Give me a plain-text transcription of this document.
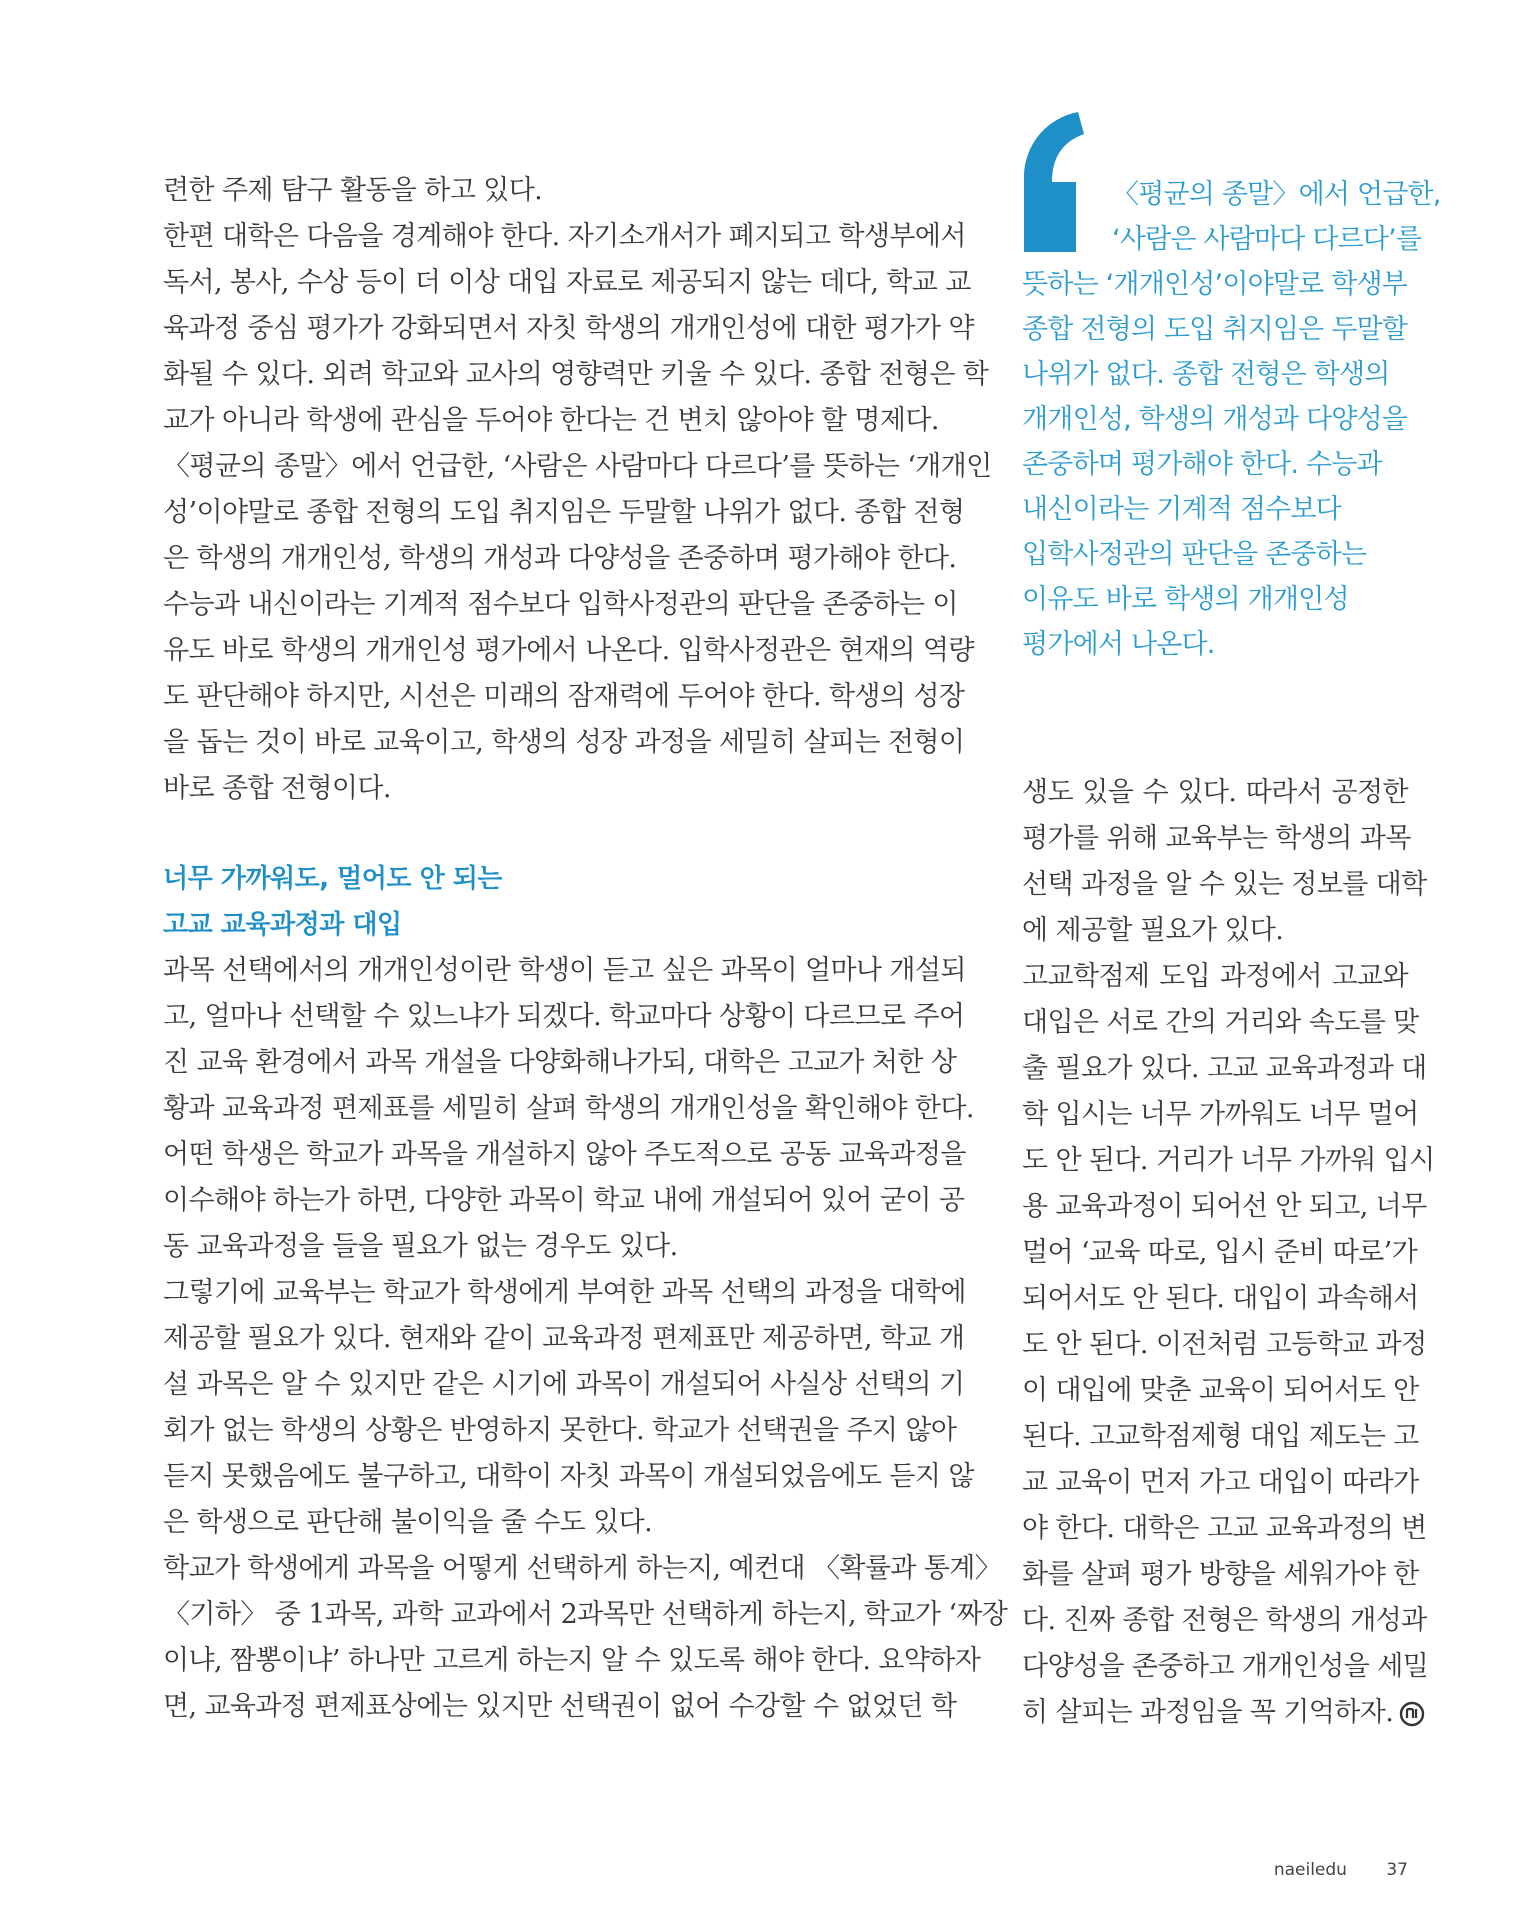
〈평균의 종말〉에서 언급한,
‘사람은 사람마다 다르다’를
뜻하는 ‘개개인성’이야말로 학생부
종합 전형의 도입 취지임은 두말할
나위가 없다. 종합 전형은 학생의
개개인성, 학생의 개성과 다양성을
존중하며 평가해야 한다. 수능과
내신이라는 기계적 점수보다
입학사정관의 판단을 존중하는
이유도 바로 학생의 개개인성
평가에서 나온다.
련한 주제 탐구 활동을 하고 있다.
한편 대학은 다음을 경계해야 한다. 자기소개서가 폐지되고 학생부에서
독서, 봉사, 수상 등이 더 이상 대입 자료로 제공되지 않는 데다, 학교 교
육과정 중심 평가가 강화되면서 자칫 학생의 개개인성에 대한 평가가 약
화될 수 있다. 외려 학교와 교사의 영향력만 키울 수 있다. 종합 전형은 학
교가 아니라 학생에 관심을 두어야 한다는 건 변치 않아야 할 명제다.
〈평균의 종말〉에서 언급한, ‘사람은 사람마다 다르다’를 뜻하는 ‘개개인
성’이야말로 종합 전형의 도입 취지임은 두말할 나위가 없다. 종합 전형
은 학생의 개개인성, 학생의 개성과 다양성을 존중하며 평가해야 한다.
수능과 내신이라는 기계적 점수보다 입학사정관의 판단을 존중하는 이
유도 바로 학생의 개개인성 평가에서 나온다. 입학사정관은 현재의 역량
도 판단해야 하지만, 시선은 미래의 잠재력에 두어야 한다. 학생의 성장
을 돕는 것이 바로 교육이고, 학생의 성장 과정을 세밀히 살피는 전형이
바로 종합 전형이다.
너무 가까워도, 멀어도 안 되는
고교 교육과정과 대입
과목 선택에서의 개개인성이란 학생이 듣고 싶은 과목이 얼마나 개설되
고, 얼마나 선택할 수 있느냐가 되겠다. 학교마다 상황이 다르므로 주어
진 교육 환경에서 과목 개설을 다양화해나가되, 대학은 고교가 처한 상
황과 교육과정 편제표를 세밀히 살펴 학생의 개개인성을 확인해야 한다.
어떤 학생은 학교가 과목을 개설하지 않아 주도적으로 공동 교육과정을
이수해야 하는가 하면, 다양한 과목이 학교 내에 개설되어 있어 굳이 공
동 교육과정을 들을 필요가 없는 경우도 있다.
그렇기에 교육부는 학교가 학생에게 부여한 과목 선택의 과정을 대학에
제공할 필요가 있다. 현재와 같이 교육과정 편제표만 제공하면, 학교 개
설 과목은 알 수 있지만 같은 시기에 과목이 개설되어 사실상 선택의 기
회가 없는 학생의 상황은 반영하지 못한다. 학교가 선택권을 주지 않아
듣지 못했음에도 불구하고, 대학이 자칫 과목이 개설되었음에도 듣지 않
은 학생으로 판단해 불이익을 줄 수도 있다.
학교가 학생에게 과목을 어떻게 선택하게 하는지, 예컨대 〈확률과 통계〉
〈기하〉 중 1과목, 과학 교과에서 2과목만 선택하게 하는지, 학교가 ‘짜장
이냐, 짬뽕이냐’ 하나만 고르게 하는지 알 수 있도록 해야 한다. 요약하자
면, 교육과정 편제표상에는 있지만 선택권이 없어 수강할 수 없었던 학
생도 있을 수 있다. 따라서 공정한
평가를 위해 교육부는 학생의 과목
선택 과정을 알 수 있는 정보를 대학
에 제공할 필요가 있다.
고교학점제 도입 과정에서 고교와
대입은 서로 간의 거리와 속도를 맞
출 필요가 있다. 고교 교육과정과 대
학 입시는 너무 가까워도 너무 멀어
도 안 된다. 거리가 너무 가까워 입시
용 교육과정이 되어선 안 되고, 너무
멀어 ‘교육 따로, 입시 준비 따로’가
되어서도 안 된다. 대입이 과속해서
도 안 된다. 이전처럼 고등학교 과정
이 대입에 맞춘 교육이 되어서도 안
된다. 고교학점제형 대입 제도는 고
교 교육이 먼저 가고 대입이 따라가
야 한다. 대학은 고교 교육과정의 변
화를 살펴 평가 방향을 세워가야 한
다. 진짜 종합 전형은 학생의 개성과
다양성을 존중하고 개개인성을 세밀
히 살피는 과정임을 꼭 기억하자.
naeiledu 37
